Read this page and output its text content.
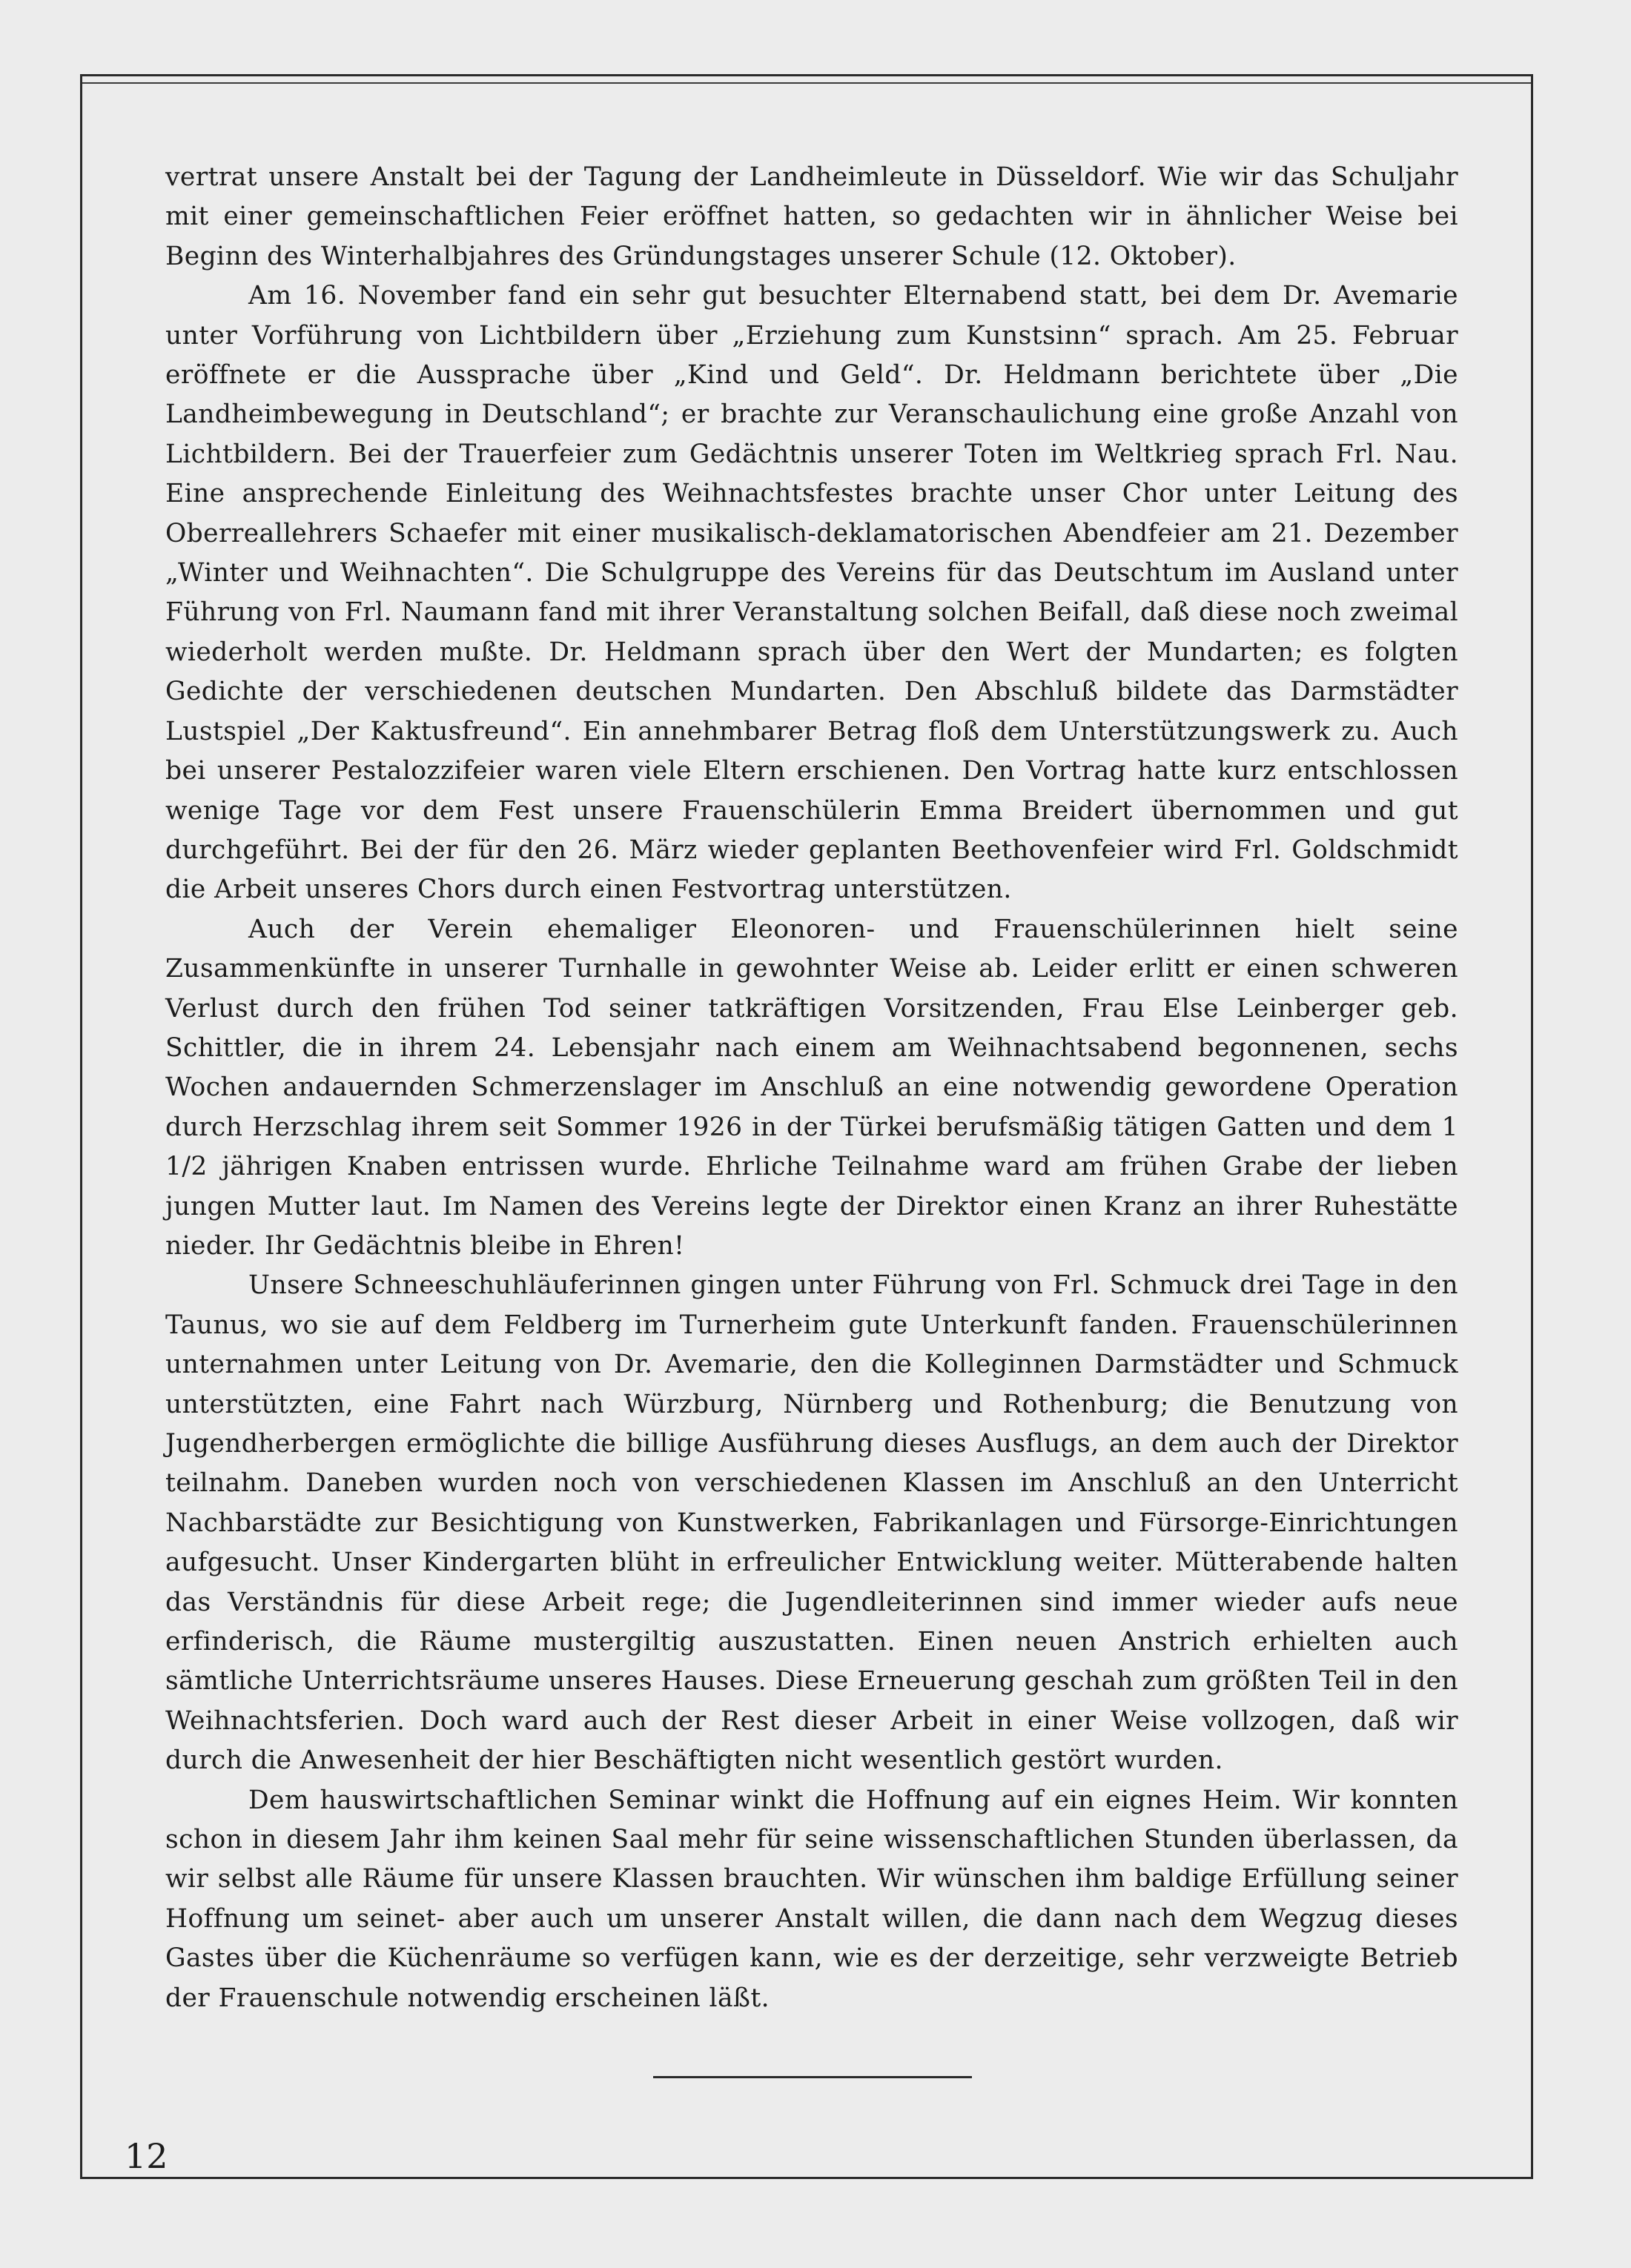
vertrat unsere Anstalt bei der Tagung der Landheimleute in Düsseldorf. Wie wir das Schuljahr mit einer gemeinschaftlichen Feier eröffnet hatten, so gedachten wir in ähnlicher Weise bei Beginn des Winterhalbjahres des Gründungstages unserer Schule (12. Oktober).

Am 16. November fand ein sehr gut besuchter Elternabend statt, bei dem Dr. Avemarie unter Vorführung von Lichtbildern über „Erziehung zum Kunstsinn“ sprach. Am 25. Februar eröffnete er die Aussprache über „Kind und Geld“. Dr. Heldmann berichtete über „Die Landheimbewegung in Deutschland“; er brachte zur Veranschaulichung eine große Anzahl von Lichtbildern. Bei der Trauerfeier zum Gedächtnis unserer Toten im Weltkrieg sprach Frl. Nau. Eine ansprechende Einleitung des Weihnachtsfestes brachte unser Chor unter Leitung des Oberreallehrers Schaefer mit einer musikalisch-deklamatorischen Abendfeier am 21. Dezember „Winter und Weihnachten“. Die Schulgruppe des Vereins für das Deutschtum im Ausland unter Führung von Frl. Naumann fand mit ihrer Veranstaltung solchen Beifall, daß diese noch zweimal wiederholt werden mußte. Dr. Heldmann sprach über den Wert der Mundarten; es folgten Gedichte der verschiedenen deutschen Mundarten. Den Abschluß bildete das Darmstädter Lustspiel „Der Kaktusfreund“. Ein annehmbarer Betrag floß dem Unterstützungswerk zu. Auch bei unserer Pestalozzifeier waren viele Eltern erschienen. Den Vortrag hatte kurz entschlossen wenige Tage vor dem Fest unsere Frauenschülerin Emma Breidert übernommen und gut durchgeführt. Bei der für den 26. März wieder geplanten Beethovenfeier wird Frl. Goldschmidt die Arbeit unseres Chors durch einen Festvortrag unterstützen.

Auch der Verein ehemaliger Eleonoren- und Frauenschülerinnen hielt seine Zusammenkünfte in unserer Turnhalle in gewohnter Weise ab. Leider erlitt er einen schweren Verlust durch den frühen Tod seiner tatkräftigen Vorsitzenden, Frau Else Leinberger geb. Schittler, die in ihrem 24. Lebensjahr nach einem am Weihnachtsabend begonnenen, sechs Wochen andauernden Schmerzenslager im Anschluß an eine notwendig gewordene Operation durch Herzschlag ihrem seit Sommer 1926 in der Türkei berufsmäßig tätigen Gatten und dem 1 1/2 jährigen Knaben entrissen wurde. Ehrliche Teilnahme ward am frühen Grabe der lieben jungen Mutter laut. Im Namen des Vereins legte der Direktor einen Kranz an ihrer Ruhestätte nieder. Ihr Gedächtnis bleibe in Ehren!

Unsere Schneeschuhläuferinnen gingen unter Führung von Frl. Schmuck drei Tage in den Taunus, wo sie auf dem Feldberg im Turnerheim gute Unterkunft fanden. Frauenschülerinnen unternahmen unter Leitung von Dr. Avemarie, den die Kolleginnen Darmstädter und Schmuck unterstützten, eine Fahrt nach Würzburg, Nürnberg und Rothenburg; die Benutzung von Jugendherbergen ermöglichte die billige Ausführung dieses Ausflugs, an dem auch der Direktor teilnahm. Daneben wurden noch von verschiedenen Klassen im Anschluß an den Unterricht Nachbarstädte zur Besichtigung von Kunstwerken, Fabrikanlagen und Fürsorge-Einrichtungen aufgesucht. Unser Kindergarten blüht in erfreulicher Entwicklung weiter. Mütterabende halten das Verständnis für diese Arbeit rege; die Jugendleiterinnen sind immer wieder aufs neue erfinderisch, die Räume mustergiltig auszustatten. Einen neuen Anstrich erhielten auch sämtliche Unterrichtsräume unseres Hauses. Diese Erneuerung geschah zum größten Teil in den Weihnachtsferien. Doch ward auch der Rest dieser Arbeit in einer Weise vollzogen, daß wir durch die Anwesenheit der hier Beschäftigten nicht wesentlich gestört wurden.

Dem hauswirtschaftlichen Seminar winkt die Hoffnung auf ein eignes Heim. Wir konnten schon in diesem Jahr ihm keinen Saal mehr für seine wissenschaftlichen Stunden überlassen, da wir selbst alle Räume für unsere Klassen brauchten. Wir wünschen ihm baldige Erfüllung seiner Hoffnung um seinet- aber auch um unserer Anstalt willen, die dann nach dem Wegzug dieses Gastes über die Küchenräume so verfügen kann, wie es der derzeitige, sehr verzweigte Betrieb der Frauenschule notwendig erscheinen läßt.

12
